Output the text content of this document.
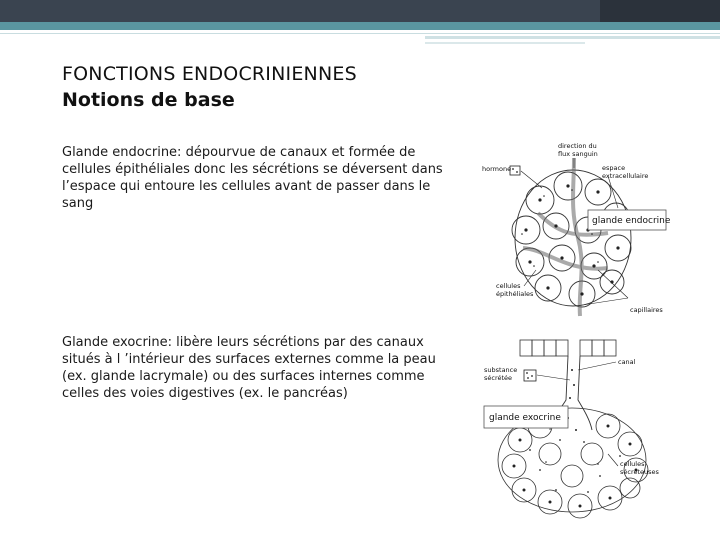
FONCTIONS ENDOCRINIENNES
Notions de base
Glande endocrine: dépourvue de canaux et formée de cellules épithéliales donc les sécrétions se déversent dans l’espace qui entoure les cellules avant de passer dans le sang
Glande exocrine: libère leurs sécrétions par des canaux situés à l ’intérieur des surfaces externes comme la peau (ex. glande lacrymale) ou des surfaces internes comme celles des voies digestives (ex. le pancréas)
direction du
flux sanguin
hormone	espace
extracellulaire
cellules
épithéliales
capillaires
glande endocrine
canal
substance
sécrétée
cellules
sécréteuses
glande exocrine
